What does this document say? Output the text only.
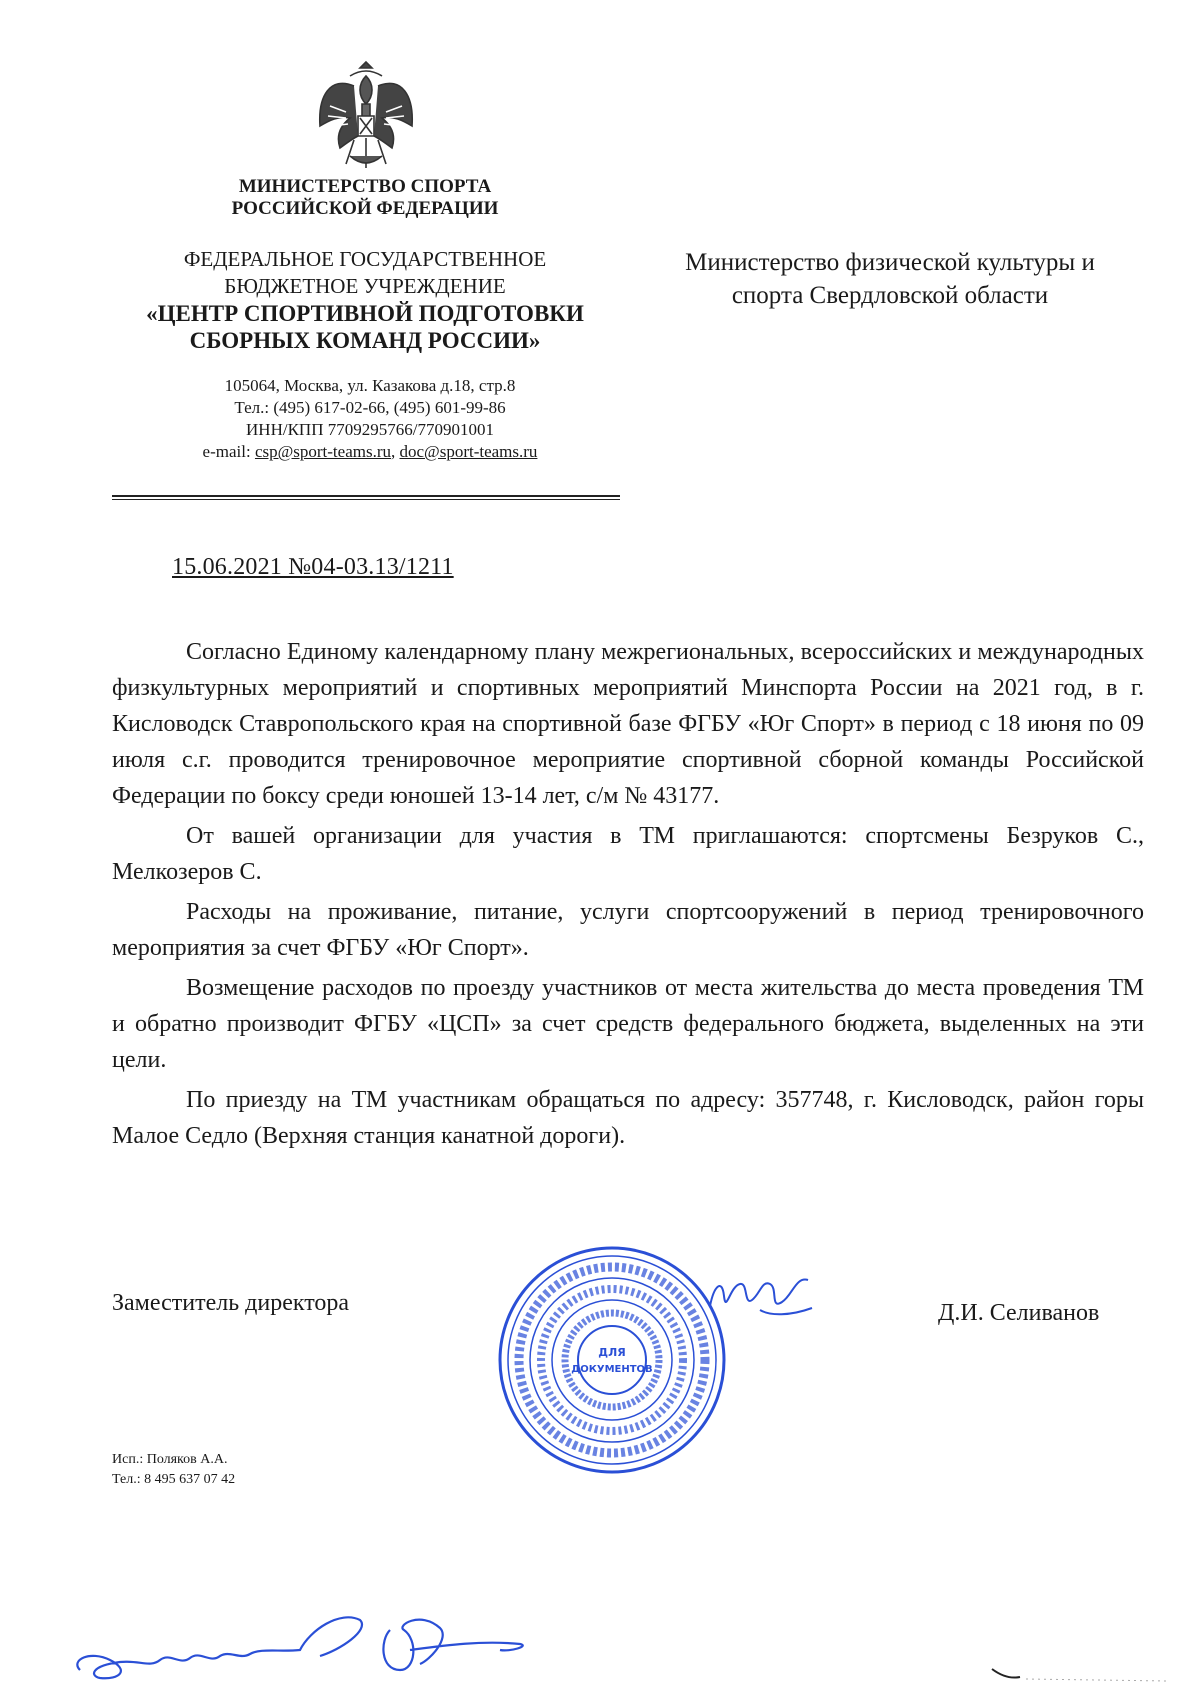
МИНИСТЕРСТВО СПОРТА
РОССИЙСКОЙ ФЕДЕРАЦИИ
ФЕДЕРАЛЬНОЕ ГОСУДАРСТВЕННОЕ
БЮДЖЕТНОЕ УЧРЕЖДЕНИЕ
«ЦЕНТР СПОРТИВНОЙ ПОДГОТОВКИ
СБОРНЫХ КОМАНД РОССИИ»
105064, Москва, ул. Казакова д.18, стр.8
Тел.: (495) 617-02-66, (495) 601-99-86
ИНН/КПП 7709295766/770901001
e-mail: csp@sport-teams.ru, doc@sport-teams.ru
Министерство физической культуры и
спорта Свердловской области
15.06.2021 №04-03.13/1211

Согласно Единому календарному плану межрегиональных, всероссийских и международных физкультурных мероприятий и спортивных мероприятий Минспорта России на 2021 год, в г. Кисловодск Ставропольского края на спортивной базе ФГБУ «Юг Спорт» в период с 18 июня по 09 июля с.г. проводится тренировочное мероприятие спортивной сборной команды Российской Федерации по боксу среди юношей 13-14 лет, с/м № 43177.

От вашей организации для участия в ТМ приглашаются: спортсмены Безруков С., Мелкозеров С.

Расходы на проживание, питание, услуги спортсооружений в период тренировочного мероприятия за счет ФГБУ «Юг Спорт».

Возмещение расходов по проезду участников от места жительства до места проведения ТМ и обратно производит ФГБУ «ЦСП» за счет средств федерального бюджета, выделенных на эти цели.

По приезду на ТМ участникам обращаться по адресу: 357748, г. Кисловодск, район горы Малое Седло (Верхняя станция канатной дороги).

Заместитель директора	Д.И. Селиванов
ДЛЯ
ДОКУМЕНТОВ
Исп.: Поляков А.А.
Тел.: 8 495 637 07 42
